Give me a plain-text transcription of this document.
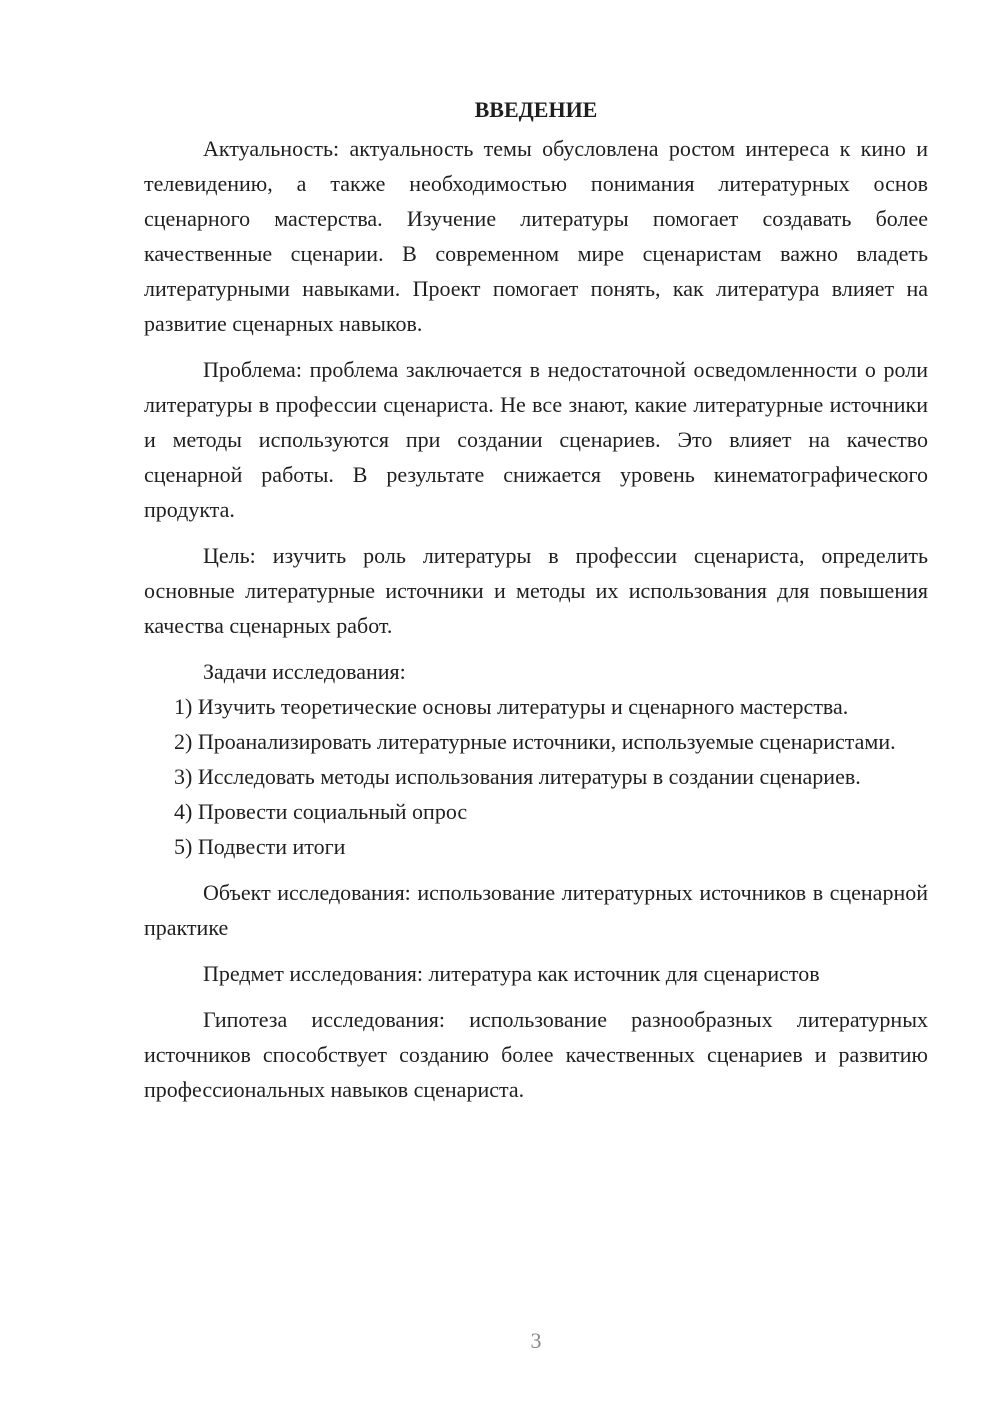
ВВЕДЕНИЕ

Актуальность: актуальность темы обусловлена ростом интереса к кино и телевидению, а также необходимостью понимания литературных основ сценарного мастерства. Изучение литературы помогает создавать более качественные сценарии. В современном мире сценаристам важно владеть литературными навыками. Проект помогает понять, как литература влияет на развитие сценарных навыков.

Проблема: проблема заключается в недостаточной осведомленности о роли литературы в профессии сценариста. Не все знают, какие литературные источники и методы используются при создании сценариев. Это влияет на качество сценарной работы. В результате снижается уровень кинематографического продукта.

Цель: изучить роль литературы в профессии сценариста, определить основные литературные источники и методы их использования для повышения качества сценарных работ.

Задачи исследования:

1) Изучить теоретические основы литературы и сценарного мастерства.

2) Проанализировать литературные источники, используемые сценаристами.

3) Исследовать методы использования литературы в создании сценариев.

4) Провести социальный опрос

5) Подвести итоги

Объект исследования: использование литературных источников в сценарной практике

Предмет исследования: литература как источник для сценаристов

Гипотеза исследования: использование разнообразных литературных источников способствует созданию более качественных сценариев и развитию профессиональных навыков сценариста.

3
